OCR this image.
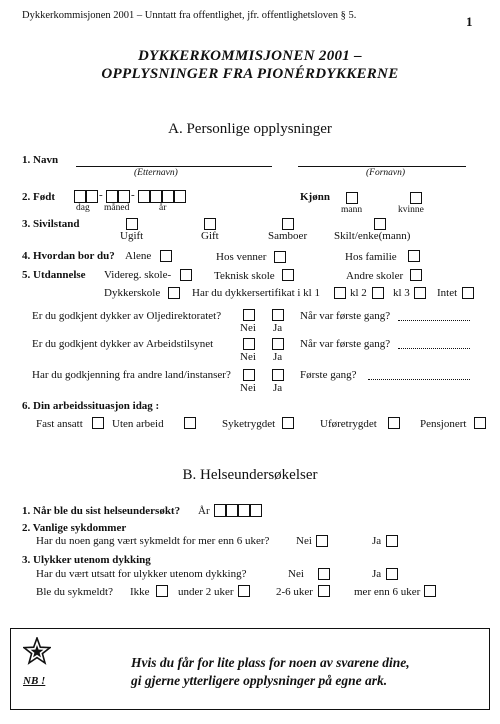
Dykkerkommisjonen 2001 – Unntatt fra offentlighet, jfr. offentlighetsloven § 5.	1
DYKKERKOMMISJONEN 2001 –
OPPLYSNINGER FRA PIONÉRDYKKERNE
A. Personlige opplysninger
1. Navn
(Etternavn)	(Fornavn)
2. Født	-	-
dag måned	år
Kjønn
mann	kvinne
3. Sivilstand
Ugift	Gift	Samboer Skilt/enke(mann)
4. Hvordan bor du? Alene	Hos venner	Hos familie
5. Utdannelse Videreg. skole-	Teknisk skole	Andre skoler
Dykkerskole	Har du dykkersertifikat i kl 1	kl 2 kl 3 Intet
Er du godkjent dykker av Oljedirektoratet?
Nei Ja
Når var første gang?
Er du godkjent dykker av Arbeidstilsynet
Nei Ja
Når var første gang?
Har du godkjenning fra andre land/instanser?
Nei Ja
Første gang?
6. Din arbeidssituasjon idag :
Fast ansatt	Uten arbeid	Syketrygdet	Uføretrygdet	Pensjonert
B. Helseundersøkelser
1. Når ble du sist helseundersøkt? År
2. Vanlige sykdommer
Har du noen gang vært sykmeldt for mer enn 6 uker? Nei	Ja
3. Ulykker utenom dykking
Har du vært utsatt for ulykker utenom dykking?	Nei	Ja
Ble du sykmeldt? Ikke	under 2 uker	2-6 uker	mer enn 6 uker
NB !
Hvis du får for lite plass for noen av svarene dine,
gi gjerne ytterligere opplysninger på egne ark.
